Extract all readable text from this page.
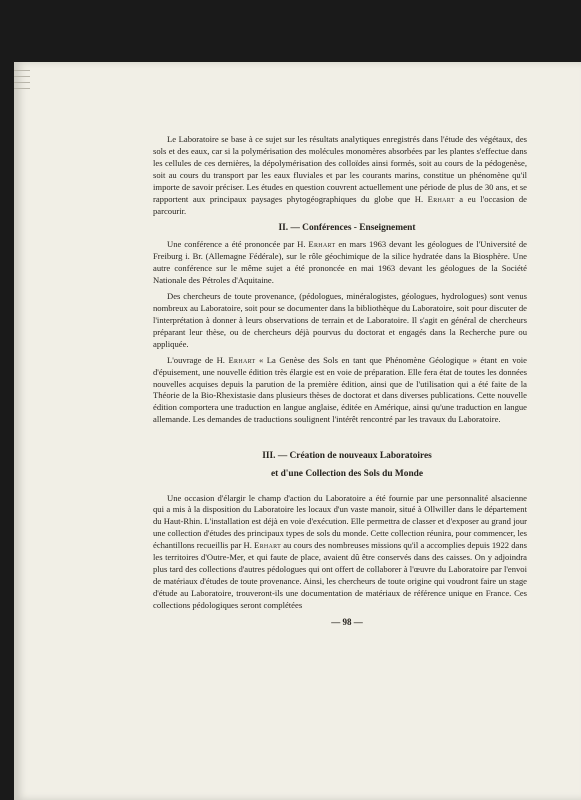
Le Laboratoire se base à ce sujet sur les résultats analytiques enregistrés dans l'étude des végétaux, des sols et des eaux, car si la polymérisation des molécules monomères absorbées par les plantes s'effectue dans les cellules de ces dernières, la dépolymérisation des colloïdes ainsi formés, soit au cours de la pédogenèse, soit au cours du transport par les eaux fluviales et par les courants marins, constitue un phénomène qu'il importe de savoir préciser. Les études en question couvrent actuellement une période de plus de 30 ans, et se rapportent aux principaux paysages phytogéographiques du globe que H. Erhart a eu l'occasion de parcourir.

II. — Conférences - Enseignement

Une conférence a été prononcée par H. Erhart en mars 1963 devant les géologues de l'Université de Freiburg i. Br. (Allemagne Fédérale), sur le rôle géochimique de la silice hydratée dans la Biosphère. Une autre conférence sur le même sujet a été prononcée en mai 1963 devant les géologues de la Société Nationale des Pétroles d'Aquitaine.

Des chercheurs de toute provenance, (pédologues, minéralogistes, géologues, hydrologues) sont venus nombreux au Laboratoire, soit pour se documenter dans la bibliothèque du Laboratoire, soit pour discuter de l'interprétation à donner à leurs observations de terrain et de Laboratoire. Il s'agit en général de chercheurs préparant leur thèse, ou de chercheurs déjà pourvus du doctorat et engagés dans la Recherche pure ou appliquée.

L'ouvrage de H. Erhart « La Genèse des Sols en tant que Phénomène Géologique » étant en voie d'épuisement, une nouvelle édition très élargie est en voie de préparation. Elle fera état de toutes les données nouvelles acquises depuis la parution de la première édition, ainsi que de l'utilisation qui a été faite de la Théorie de la Bio-Rhexistasie dans plusieurs thèses de doctorat et dans diverses publications. Cette nouvelle édition comportera une traduction en langue anglaise, éditée en Amérique, ainsi qu'une traduction en langue allemande. Les demandes de traductions soulignent l'intérêt rencontré par les travaux du Laboratoire.

III. — Création de nouveaux Laboratoires

et d'une Collection des Sols du Monde

Une occasion d'élargir le champ d'action du Laboratoire a été fournie par une personnalité alsacienne qui a mis à la disposition du Laboratoire les locaux d'un vaste manoir, situé à Ollwiller dans le département du Haut-Rhin. L'installation est déjà en voie d'exécution. Elle permettra de classer et d'exposer au grand jour une collection d'études des principaux types de sols du monde. Cette collection réunira, pour commencer, les échantillons recueillis par H. Erhart au cours des nombreuses missions qu'il a accomplies depuis 1922 dans les territoires d'Outre-Mer, et qui faute de place, avaient dû être conservés dans des caisses. On y adjoindra plus tard des collections d'autres pédologues qui ont offert de collaborer à l'œuvre du Laboratoire par l'envoi de matériaux d'études de toute provenance. Ainsi, les chercheurs de toute origine qui voudront faire un stage d'étude au Laboratoire, trouveront-ils une documentation de matériaux de référence unique en France. Ces collections pédologiques seront complétées

— 98 —
